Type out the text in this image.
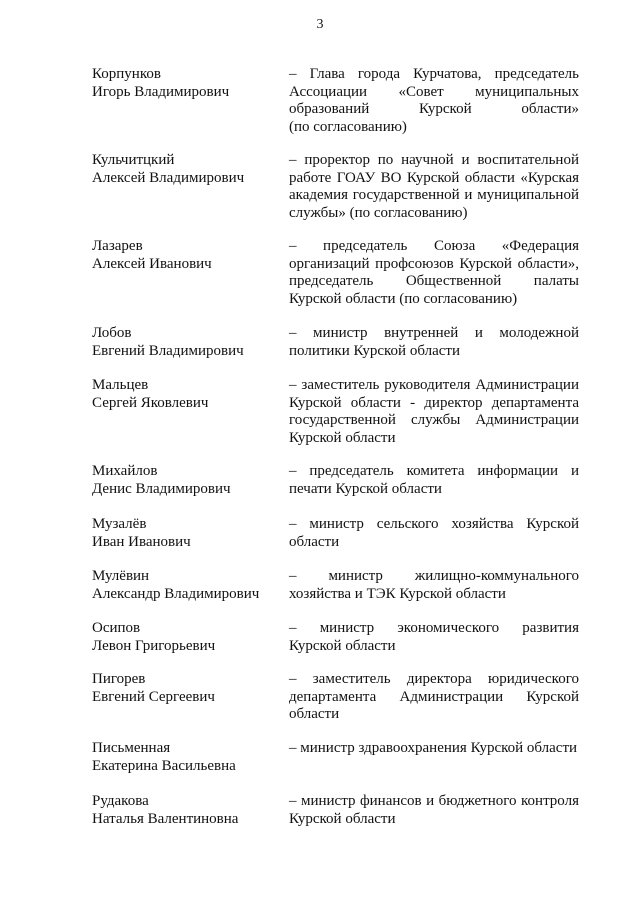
3
Корпунков
Игорь Владимирович
– Глава города Курчатова, председатель
Ассоциации «Совет муниципальных
образований Курской области»
(по согласованию)
Кульчитцкий
Алексей Владимирович
– проректор по научной и воспитательной
работе ГОАУ ВО Курской области «Курская
академия государственной и муниципальной
службы» (по согласованию)
Лазарев
Алексей Иванович
– председатель Союза «Федерация
организаций профсоюзов Курской области»,
председатель Общественной палаты
Курской области (по согласованию)
Лобов
Евгений Владимирович
– министр внутренней и молодежной
политики Курской области
Мальцев
Сергей Яковлевич
– заместитель руководителя Администрации
Курской области - директор департамента
государственной службы Администрации
Курской области
Михайлов
Денис Владимирович
– председатель комитета информации и
печати Курской области
Музалёв
Иван Иванович
– министр сельского хозяйства Курской
области
Мулёвин
Александр Владимирович
– министр жилищно-коммунального
хозяйства и ТЭК Курской области
Осипов
Левон Григорьевич
– министр экономического развития
Курской области
Пигорев
Евгений Сергеевич
– заместитель директора юридического
департамента Администрации Курской
области
Письменная
Екатерина Васильевна
– министр здравоохранения Курской области
Рудакова
Наталья Валентиновна
– министр финансов и бюджетного контроля
Курской области
